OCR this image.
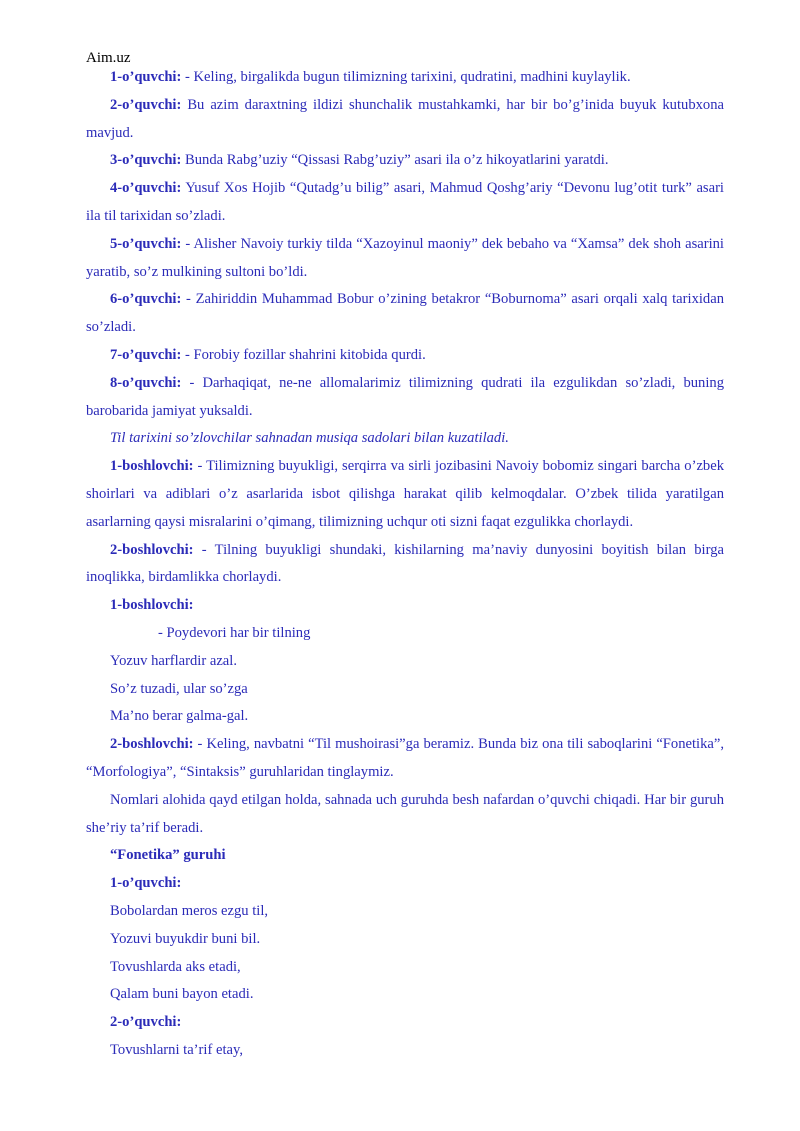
Aim.uz

1-o’quvchi: - Keling, birgalikda bugun tilimizning tarixini, qudratini, madhini kuylaylik.

2-o’quvchi: Bu azim daraxtning ildizi shunchalik mustahkamki, har bir bo’g’inida buyuk kutubxona mavjud.

3-o’quvchi: Bunda Rabg’uziy “Qissasi Rabg’uziy” asari ila o’z hikoyatlarini yaratdi.

4-o’quvchi: Yusuf Xos Hojib “Qutadg’u bilig” asari, Mahmud Qoshg’ariy “Devonu lug’otit turk” asari ila til tarixidan so’zladi.

5-o’quvchi: - Alisher Navoiy turkiy tilda “Xazoyinul maoniy” dek bebaho va “Xamsa” dek shoh asarini yaratib, so’z mulkining sultoni bo’ldi.

6-o’quvchi: - Zahiriddin Muhammad Bobur o’zining betakror “Boburnoma” asari orqali xalq tarixidan so’zladi.

7-o’quvchi: - Forobiy fozillar shahrini kitobida qurdi.

8-o’quvchi: - Darhaqiqat, ne-ne allomalarimiz tilimizning qudrati ila ezgulikdan so’zladi, buning barobarida jamiyat yuksaldi.

Til tarixini so’zlovchilar sahnadan musiqa sadolari bilan kuzatiladi.

1-boshlovchi: - Tilimizning buyukligi, serqirra va sirli jozibasini Navoiy bobomiz singari barcha o’zbek shoirlari va adiblari o’z asarlarida isbot qilishga harakat qilib kelmoqdalar. O’zbek tilida yaratilgan asarlarning qaysi misralarini o’qimang, tilimizning uchqur oti sizni faqat ezgulikka chorlaydi.

2-boshlovchi: - Tilning buyukligi shundaki, kishilarning ma’naviy dunyosini boyitish bilan birga inoqlikka, birdamlikka chorlaydi.

1-boshlovchi:

- Poydevori har bir tilning

Yozuv harflardir azal.

So’z tuzadi, ular so’zga

Ma’no berar galma-gal.

2-boshlovchi: - Keling, navbatni “Til mushoirasi”ga beramiz. Bunda biz ona tili saboqlarini “Fonetika”, “Morfologiya”, “Sintaksis” guruhlaridan tinglaymiz.

Nomlari alohida qayd etilgan holda, sahnada uch guruhda besh nafardan o’quvchi chiqadi. Har bir guruh she’riy ta’rif beradi.

“Fonetika” guruhi

1-o’quvchi:

Bobolardan meros ezgu til,

Yozuvi buyukdir buni bil.

Tovushlarda aks etadi,

Qalam buni bayon etadi.

2-o’quvchi:

Tovushlarni ta’rif etay,
